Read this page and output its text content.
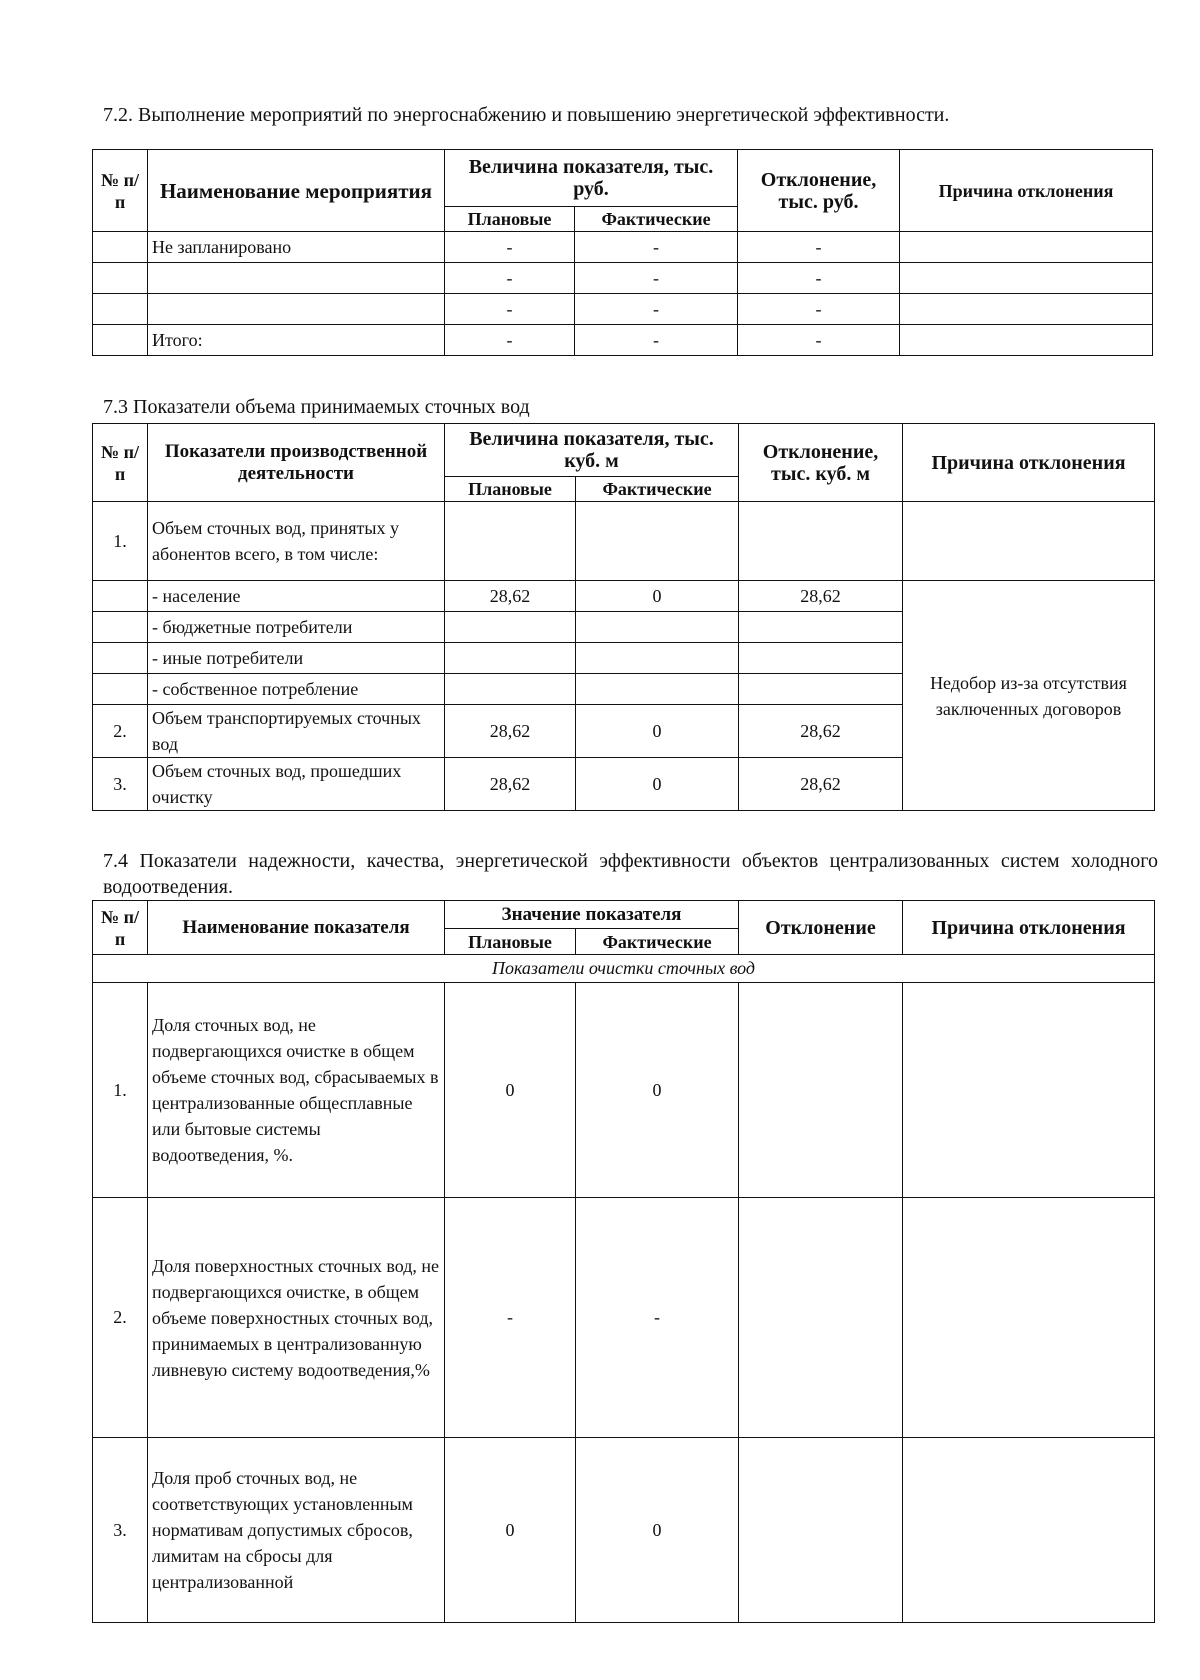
7.2. Выполнение мероприятий по энергоснабжению и повышению энергетической эффективности.

№ п/п	Наименование мероприятия	Величина показателя, тыс. руб.		Отклонение, тыс. руб.	Причина отклонения
		Плановые	Фактические		
	Не запланировано	-	-	-	
		-	-	-	
		-	-	-	
	Итого:	-	-	-	

7.3 Показатели объема принимаемых сточных вод

№ п/п	Показатели производственной деятельности	Величина показателя, тыс. куб. м		Отклонение, тыс. куб. м	Причина отклонения
		Плановые	Фактические		
1.	Объем сточных вод, принятых у абонентов всего, в том числе:				
	- население	28,62	0	28,62	Недобор из-за отсутствия заключенных договоров
	- бюджетные потребители				
	- иные потребители				
	- собственное потребление				
2.	Объем транспортируемых сточных вод	28,62	0	28,62	
3.	Объем сточных вод, прошедших очистку	28,62	0	28,62	

7.4 Показатели надежности, качества, энергетической эффективности объектов централизованных систем холодного водоотведения.

№ п/п	Наименование показателя	Значение показателя		Отклонение	Причина отклонения
		Плановые	Фактические		
Показатели очистки сточных вод					
1.	Доля сточных вод, не подвергающихся очистке в общем объеме сточных вод, сбрасываемых в централизованные общесплавные или бытовые системы водоотведения, %.	0	0		
2.	Доля поверхностных сточных вод, не подвергающихся очистке, в общем объеме поверхностных сточных вод, принимаемых в централизованную ливневую систему водоотведения,%	-	-		
3.	Доля проб сточных вод, не соответствующих установленным нормативам допустимых сбросов, лимитам на сбросы для централизованной	0	0		
